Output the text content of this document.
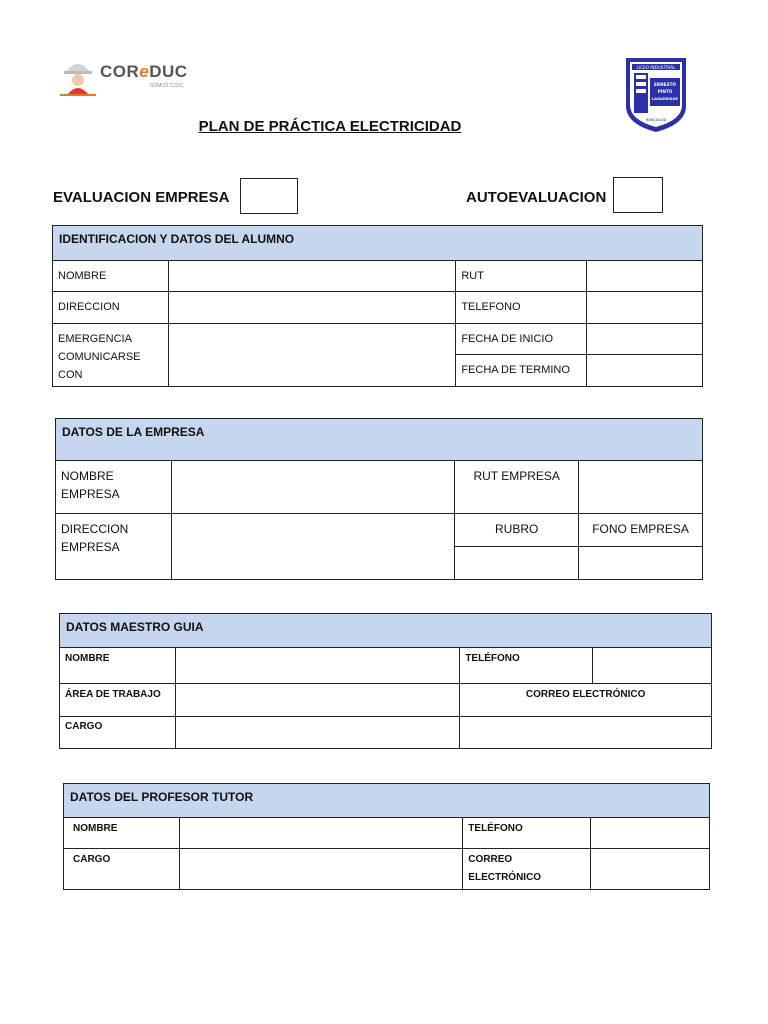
COReDUC
SOMOS CChC
LICEO INDUSTRIAL
ERNESTO
PINTO
LAGARRIGUE
RANCAGUA
PLAN DE PRÁCTICA ELECTRICIDAD
EVALUACION EMPRESA	AUTOEVALUACION
IDENTIFICACION Y DATOS DEL ALUMNO			
NOMBRE		RUT	
DIRECCION		TELEFONO	
EMERGENCIA COMUNICARSE CON		FECHA DE INICIO	
		FECHA DE TERMINO	
DATOS DE LA EMPRESA			
NOMBRE EMPRESA		RUT EMPRESA	
DIRECCION EMPRESA		RUBRO	FONO EMPRESA

DATOS MAESTRO GUIA			
NOMBRE		TELÉFONO	
ÁREA DE TRABAJO		CORREO ELECTRÓNICO	
CARGO			
DATOS DEL PROFESOR TUTOR			
NOMBRE		TELÉFONO	
CARGO		CORREO ELECTRÓNICO	
